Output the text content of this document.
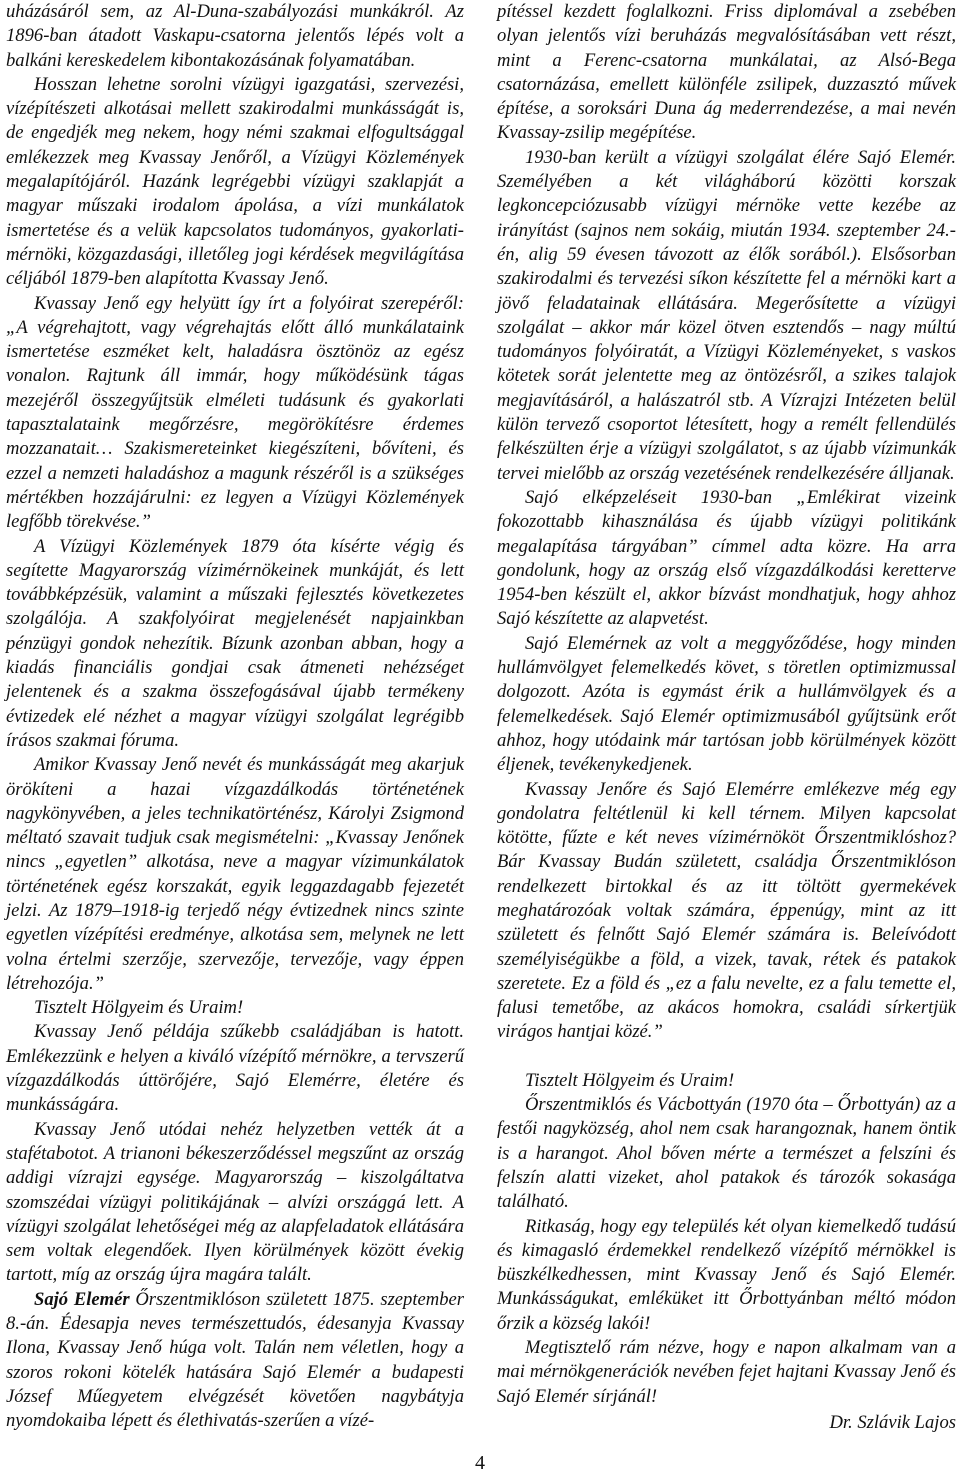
uházásáról sem, az Al-Duna-szabályozási munkákról. Az 1896-ban átadott Vaskapu-csatorna jelentős lépés volt a balkáni kereskedelem kibontakozásának folyamatában.

Hosszan lehetne sorolni vízügyi igazgatási, szervezési, vízépítészeti alkotásai mellett szakirodalmi munkásságát is, de engedjék meg nekem, hogy némi szakmai elfogultsággal emlékezzek meg Kvassay Jenőről, a Vízügyi Közlemények megalapítójáról. Hazánk legrégebbi vízügyi szaklapját a magyar műszaki irodalom ápolása, a vízi munkálatok ismertetése és a velük kapcsolatos tudományos, gyakorlati-mérnöki, közgazdasági, illetőleg jogi kérdések megvilágítása céljából 1879-ben alapította Kvassay Jenő.

Kvassay Jenő egy helyütt így írt a folyóirat szerepéről: „A végrehajtott, vagy végrehajtás előtt álló munkálataink ismertetése eszméket kelt, haladásra ösztönöz az egész vonalon. Rajtunk áll immár, hogy működésünk tágas mezejéről összegyűjtsük elméleti tudásunk és gyakorlati tapasztalataink megőrzésre, megörökítésre érdemes mozzanatait… Szakismereteinket kiegészíteni, bővíteni, és ezzel a nemzeti haladáshoz a magunk részéről is a szükséges mértékben hozzájárulni: ez legyen a Vízügyi Közlemények legfőbb törekvése.”

A Vízügyi Közlemények 1879 óta kísérte végig és segítette Magyarország vízimérnökeinek munkáját, és lett továbbképzésük, valamint a műszaki fejlesztés következetes szolgálója. A szakfolyóirat megjelenését napjainkban pénzügyi gondok nehezítik. Bízunk azonban abban, hogy a kiadás financiális gondjai csak átmeneti nehézséget jelentenek és a szakma összefogásával újabb termékeny évtizedek elé nézhet a magyar vízügyi szolgálat legrégibb írásos szakmai fóruma.

Amikor Kvassay Jenő nevét és munkásságát meg akarjuk örökíteni a hazai vízgazdálkodás történetének nagykönyvében, a jeles technikatörténész, Károlyi Zsigmond méltató szavait tudjuk csak megismételni: „Kvassay Jenőnek nincs „egyetlen” alkotása, neve a magyar vízimunkálatok történetének egész korszakát, egyik leggazdagabb fejezetét jelzi. Az 1879–1918-ig terjedő négy évtizednek nincs szinte egyetlen vízépítési eredménye, alkotása sem, melynek ne lett volna értelmi szerzője, szervezője, tervezője, vagy éppen létrehozója.”

Tisztelt Hölgyeim és Uraim!

Kvassay Jenő példája szűkebb családjában is hatott. Emlékezzünk e helyen a kiváló vízépítő mérnökre, a tervszerű vízgazdálkodás úttörőjére, Sajó Elemérre, életére és munkásságára.

Kvassay Jenő utódai nehéz helyzetben vették át a stafétabotot. A trianoni békeszerződéssel megszűnt az ország addigi vízrajzi egysége. Magyarország – kiszolgáltatva szomszédai vízügyi politikájának – alvízi országgá lett. A vízügyi szolgálat lehetőségei még az alapfeladatok ellátására sem voltak elegendőek. Ilyen körülmények között évekig tartott, míg az ország újra magára talált.

Sajó Elemér Őrszentmiklóson született 1875. szeptember 8.-án. Édesapja neves természettudós, édesanyja Kvassay Ilona, Kvassay Jenő húga volt. Talán nem véletlen, hogy a szoros rokoni kötelék hatására Sajó Elemér a budapesti József Műegyetem elvégzését követően nagybátyja nyomdokaiba lépett és élethivatás-szerűen a vízé-

pítéssel kezdett foglalkozni. Friss diplomával a zsebében olyan jelentős vízi beruházás megvalósításában vett részt, mint a Ferenc-csatorna munkálatai, az Alsó-Bega csatornázása, emellett különféle zsilipek, duzzasztó művek építése, a soroksári Duna ág mederrendezése, a mai nevén Kvassay-zsilip megépítése.

1930-ban került a vízügyi szolgálat élére Sajó Elemér. Személyében a két világháború közötti korszak legkoncepciózusabb vízügyi mérnöke vette kezébe az irányítást (sajnos nem sokáig, miután 1934. szeptember 24.-én, alig 59 évesen távozott az élők sorából.). Elsősorban szakirodalmi és tervezési síkon készítette fel a mérnöki kart a jövő feladatainak ellátására. Megerősítette a vízügyi szolgálat – akkor már közel ötven esztendős – nagy múltú tudományos folyóiratát, a Vízügyi Közleményeket, s vaskos kötetek sorát jelentette meg az öntözésről, a szikes talajok megjavításáról, a halászatról stb. A Vízrajzi Intézeten belül külön tervező csoportot létesített, hogy a remélt fellendülés felkészülten érje a vízügyi szolgálatot, s az újabb vízimunkák tervei mielőbb az ország vezetésének rendelkezésére álljanak.

Sajó elképzeléseit 1930-ban „Emlékirat vizeink fokozottabb kihasználása és újabb vízügyi politikánk megalapítása tárgyában” címmel adta közre. Ha arra gondolunk, hogy az ország első vízgazdálkodási keretterve 1954-ben készült el, akkor bízvást mondhatjuk, hogy ahhoz Sajó készítette az alapvetést.

Sajó Elemérnek az volt a meggyőződése, hogy minden hullámvölgyet felemelkedés követ, s töretlen optimizmussal dolgozott. Azóta is egymást érik a hullámvölgyek és a felemelkedések. Sajó Elemér optimizmusából gyűjtsünk erőt ahhoz, hogy utódaink már tartósan jobb körülmények között éljenek, tevékenykedjenek.

Kvassay Jenőre és Sajó Elemérre emlékezve még egy gondolatra feltétlenül ki kell térnem. Milyen kapcsolat kötötte, fűzte e két neves vízimérnököt Őrszentmiklóshoz? Bár Kvassay Budán született, családja Őrszentmiklóson rendelkezett birtokkal és az itt töltött gyermekévek meghatározóak voltak számára, éppenúgy, mint az itt született és felnőtt Sajó Elemér számára is. Beleívódott személyiségükbe a föld, a vizek, tavak, rétek és patakok szeretete. Ez a föld és „ez a falu nevelte, ez a falu temette el, falusi temetőbe, az akácos homokra, családi sírkertjük virágos hantjai közé.”

Tisztelt Hölgyeim és Uraim!

Őrszentmiklós és Vácbottyán (1970 óta – Őrbottyán) az a festői nagyközség, ahol nem csak harangoznak, hanem öntik is a harangot. Ahol bőven mérte a természet a felszíni és felszín alatti vizeket, ahol patakok és tározók sokasága található.

Ritkaság, hogy egy település két olyan kiemelkedő tudású és kimagasló érdemekkel rendelkező vízépítő mérnökkel is büszkélkedhessen, mint Kvassay Jenő és Sajó Elemér. Munkásságukat, emléküket itt Őrbottyánban méltó módon őrzik a község lakói!

Megtisztelő rám nézve, hogy e napon alkalmam van a mai mérnökgenerációk nevében fejet hajtani Kvassay Jenő és Sajó Elemér sírjánál!

Dr. Szlávik Lajos

4
